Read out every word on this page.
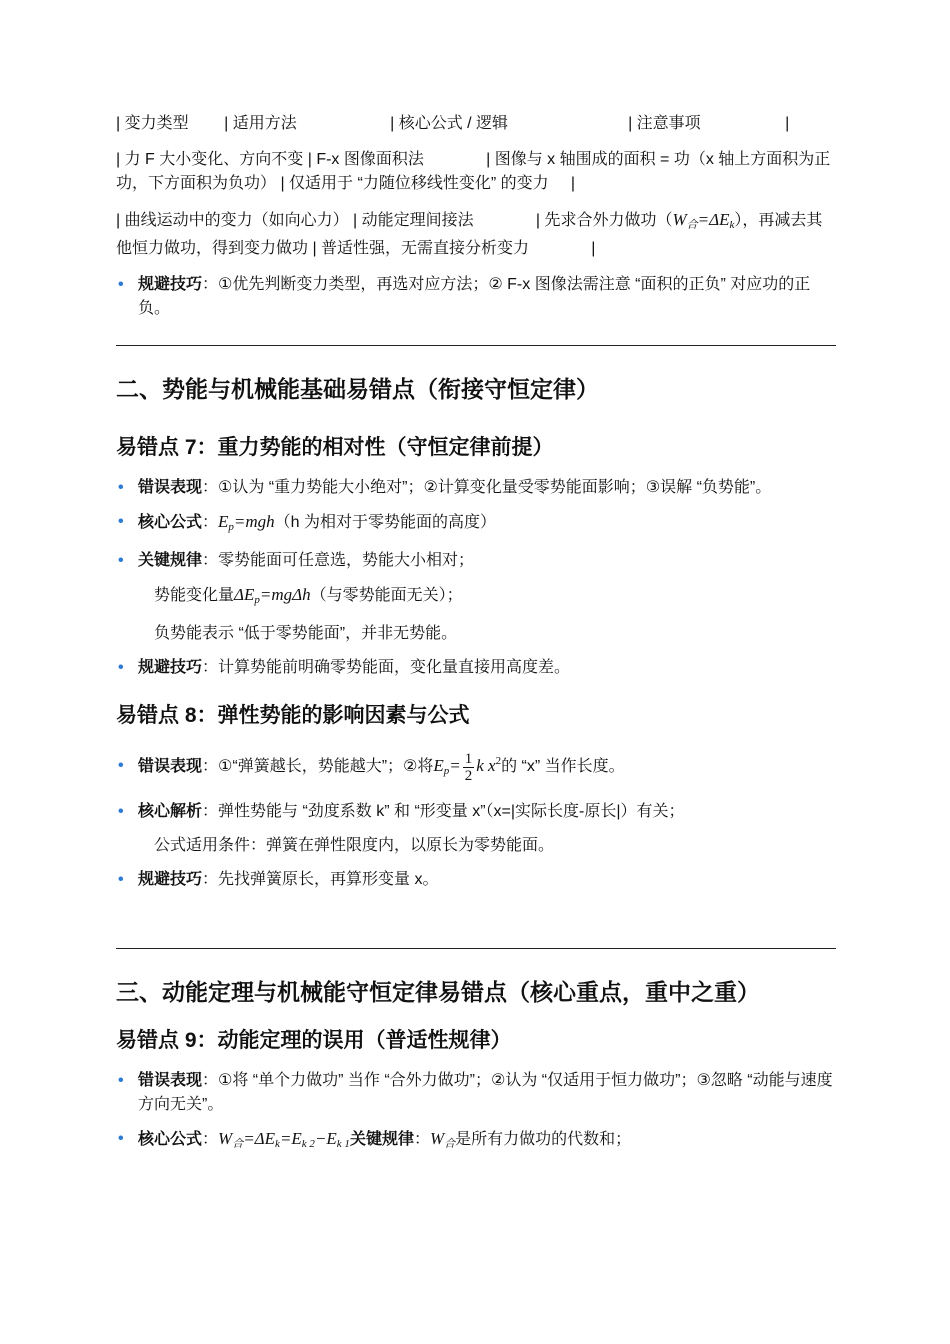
| 变力类型        | 适用方法                     | 核心公式 / 逻辑                           | 注意事项                   |

| 力 F 大小变化、方向不变 | F-x 图像面积法              | 图像与 x 轴围成的面积 = 功（x 轴上方面积为正功，下方面积为负功） | 仅适用于 “力随位移线性变化” 的变力     |

| 曲线运动中的变力（如向心力） | 动能定理间接法              | 先求合外力做功$(W_合=\Delta E_k)$，再减去其他恒力做功，得到变力做功 | 普适性强，无需直接分析变力              |

• 规避技巧：①优先判断变力类型，再选对应方法；② F-x 图像法需注意 “面积的正负” 对应功的正负。
二、势能与机械能基础易错点（衔接守恒定律）
易错点 7：重力势能的相对性（守恒定律前提）
• 错误表现：①认为 “重力势能大小绝对”；②计算变化量受零势能面影响；③误解 “负势能”。
• 核心公式：$E_p=mgh(h$ 为相对于零势能面的高度）
• 关键规律：零势能面可任意选，势能大小相对；

势能变化量$\Delta E_p=mg\Delta h$（与零势能面无关）；

负势能表示 “低于零势能面”，并非无势能。

• 规避技巧：计算势能前明确零势能面，变化量直接用高度差。
易错点 8：弹性势能的影响因素与公式
• 错误表现：①“弹簧越长，势能越大”；②将$E_p= \frac{1}{2}$ k $x^2$的 “x” 当作长度。
• 核心解析：弹性势能与 “劲度系数 k” 和 “形变量 x”（x=|实际长度-原长|）有关；

公式适用条件：弹簧在弹性限度内，以原长为零势能面。

• 规避技巧：先找弹簧原长，再算形变量 x。
三、动能定理与机械能守恒定律易错点（核心重点，重中之重）
易错点 9：动能定理的误用（普适性规律）
• 错误表现：①将 “单个力做功” 当作 “合外力做功”；②认为 “仅适用于恒力做功”；③忽略 “动能与速度方向无关”。
• 核心公式：$W_合=\Delta E_k=E_{k 2}-E_{k 1}$关键规律：$W_合$是所有力做功的代数和；
